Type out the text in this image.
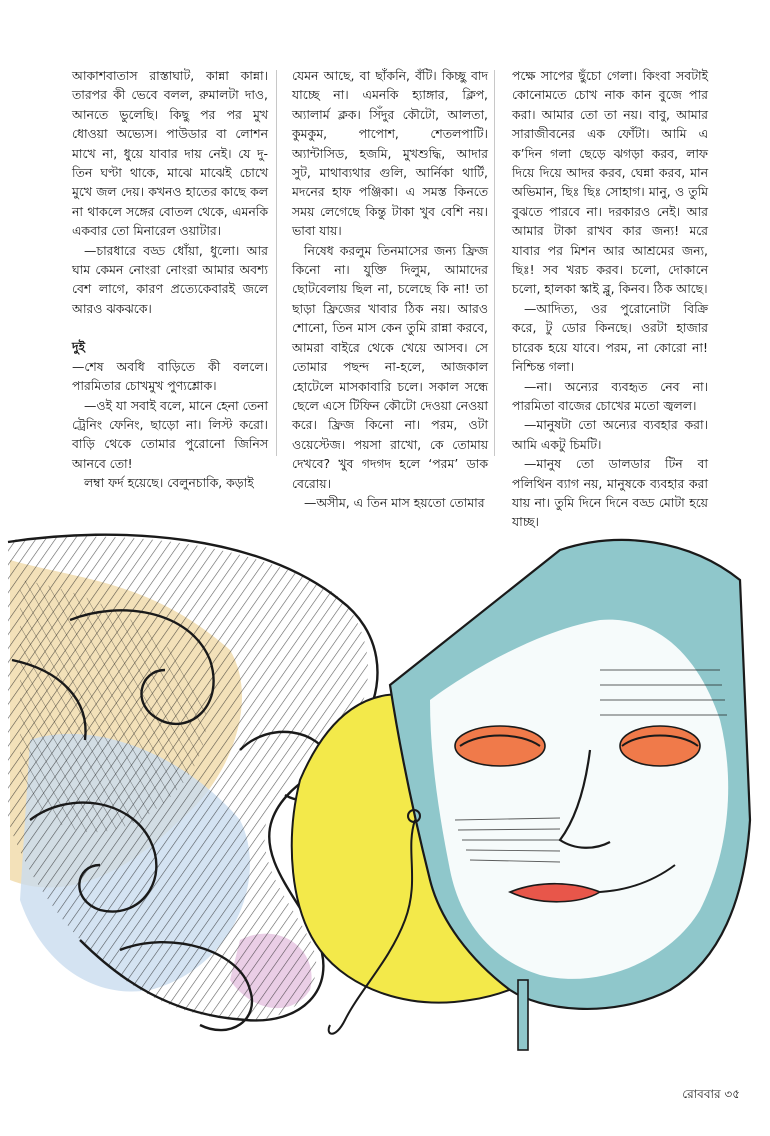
আকাশবাতাস রাস্তাঘাট, কান্না কান্না। তারপর কী ভেবে বলল, রুমালটা দাও, আনতে ভুলেছি। কিছু পর পর মুখ ধোওয়া অভ্যেস। পাউডার বা লোশন মাখে না, ধুয়ে যাবার দায় নেই। যে দু-তিন ঘণ্টা থাকে, মাঝে মাঝেই চোখে মুখে জল দেয়। কখনও হাতের কাছে কল না থাকলে সঙ্গের বোতল থেকে, এমনকি একবার তো মিনারেল ওয়াটার।

—চারধারে বড্ড ধোঁয়া, ধুলো। আর ঘাম কেমন নোংরা নোংরা আমার অবশ্য বেশ লাগে, কারণ প্রত্যেকেবারই জলে আরও ঝকঝকে।

দুই

—শেষ অবধি বাড়িতে কী বললে। পারমিতার চোখমুখ পুণ্যশ্লোক।

—ওই যা সবাই বলে, মানে হেনা তেনা ট্রেনিং ফেনিং, ছাড়ো না। লিস্ট করো। বাড়ি থেকে তোমার পুরোনো জিনিস আনবে তো!

লম্বা ফর্দ হয়েছে। বেলুনচাকি, কড়াই

যেমন আছে, বা ছাঁকনি, বঁটি। কিচ্ছু বাদ যাচ্ছে না। এমনকি হ্যাঙ্গার, ক্লিপ, অ্যালার্ম ক্লক। সিঁদুর কৌটো, আলতা, কুমকুম, পাপোশ, শেতলপাটি। অ্যান্টাসিড, হজমি, মুখশুদ্ধি, আদার সুট, মাথাব্যথার গুলি, আর্নিকা থার্টি, মদনের হাফ পঞ্জিকা। এ সমস্ত কিনতে সময় লেগেছে কিন্তু টাকা খুব বেশি নয়। ভাবা যায়।

নিষেধ করলুম তিনমাসের জন্য ফ্রিজ কিনো না। যুক্তি দিলুম, আমাদের ছোটবেলায় ছিল না, চলেছে কি না! তা ছাড়া ফ্রিজের খাবার ঠিক নয়। আরও শোনো, তিন মাস কেন তুমি রান্না করবে, আমরা বাইরে থেকে খেয়ে আসব। সে তোমার পছন্দ না-হলে, আজকাল হোটেলে মাসকাবারি চলে। সকাল সন্ধে ছেলে এসে টিফিন কৌটো দেওয়া নেওয়া করে। ফ্রিজ কিনো না। পরম, ওটা ওয়েস্টেজ। পয়সা রাখো, কে তোমায় দেখবে? খুব গদগদ হলে ‘পরম’ ডাক বেরোয়।

—অসীম, এ তিন মাস হয়তো তোমার

পক্ষে সাপের ছুঁচো গেলা। কিংবা সবটাই কোনোমতে চোখ নাক কান বুজে পার করা। আমার তো তা নয়। বাবু, আমার সারাজীবনের এক ফোঁটা। আমি এ ক’দিন গলা ছেড়ে ঝগড়া করব, লাফ দিয়ে দিয়ে আদর করব, ঘেন্না করব, মান অভিমান, ছিঃ ছিঃ সোহাগ। মানু, ও তুমি বুঝতে পারবে না। দরকারও নেই। আর আমার টাকা রাখব কার জন্য! মরে যাবার পর মিশন আর আশ্রমের জন্য, ছিঃ! সব খরচ করব। চলো, দোকানে চলো, হালকা স্কাই ব্লু, কিনব। ঠিক আছে।

—আদিত্য, ওর পুরোনোটা বিক্রি করে, টু ডোর কিনছে। ওরটা হাজার চারেক হয়ে যাবে। পরম, না কোরো না! নিশ্চিন্ত গলা।

—না। অন্যের ব্যবহৃত নেব না। পারমিতা বাজের চোখের মতো জ্বলল।

—মানুষটা তো অন্যের ব্যবহার করা। আমি একটু চিমটি।

—মানুষ তো ডালডার টিন বা পলিথিন ব্যাগ নয়, মানুষকে ব্যবহার করা যায় না। তুমি দিনে দিনে বড্ড মোটা হয়ে যাচ্ছ।

রোববার ৩৫
